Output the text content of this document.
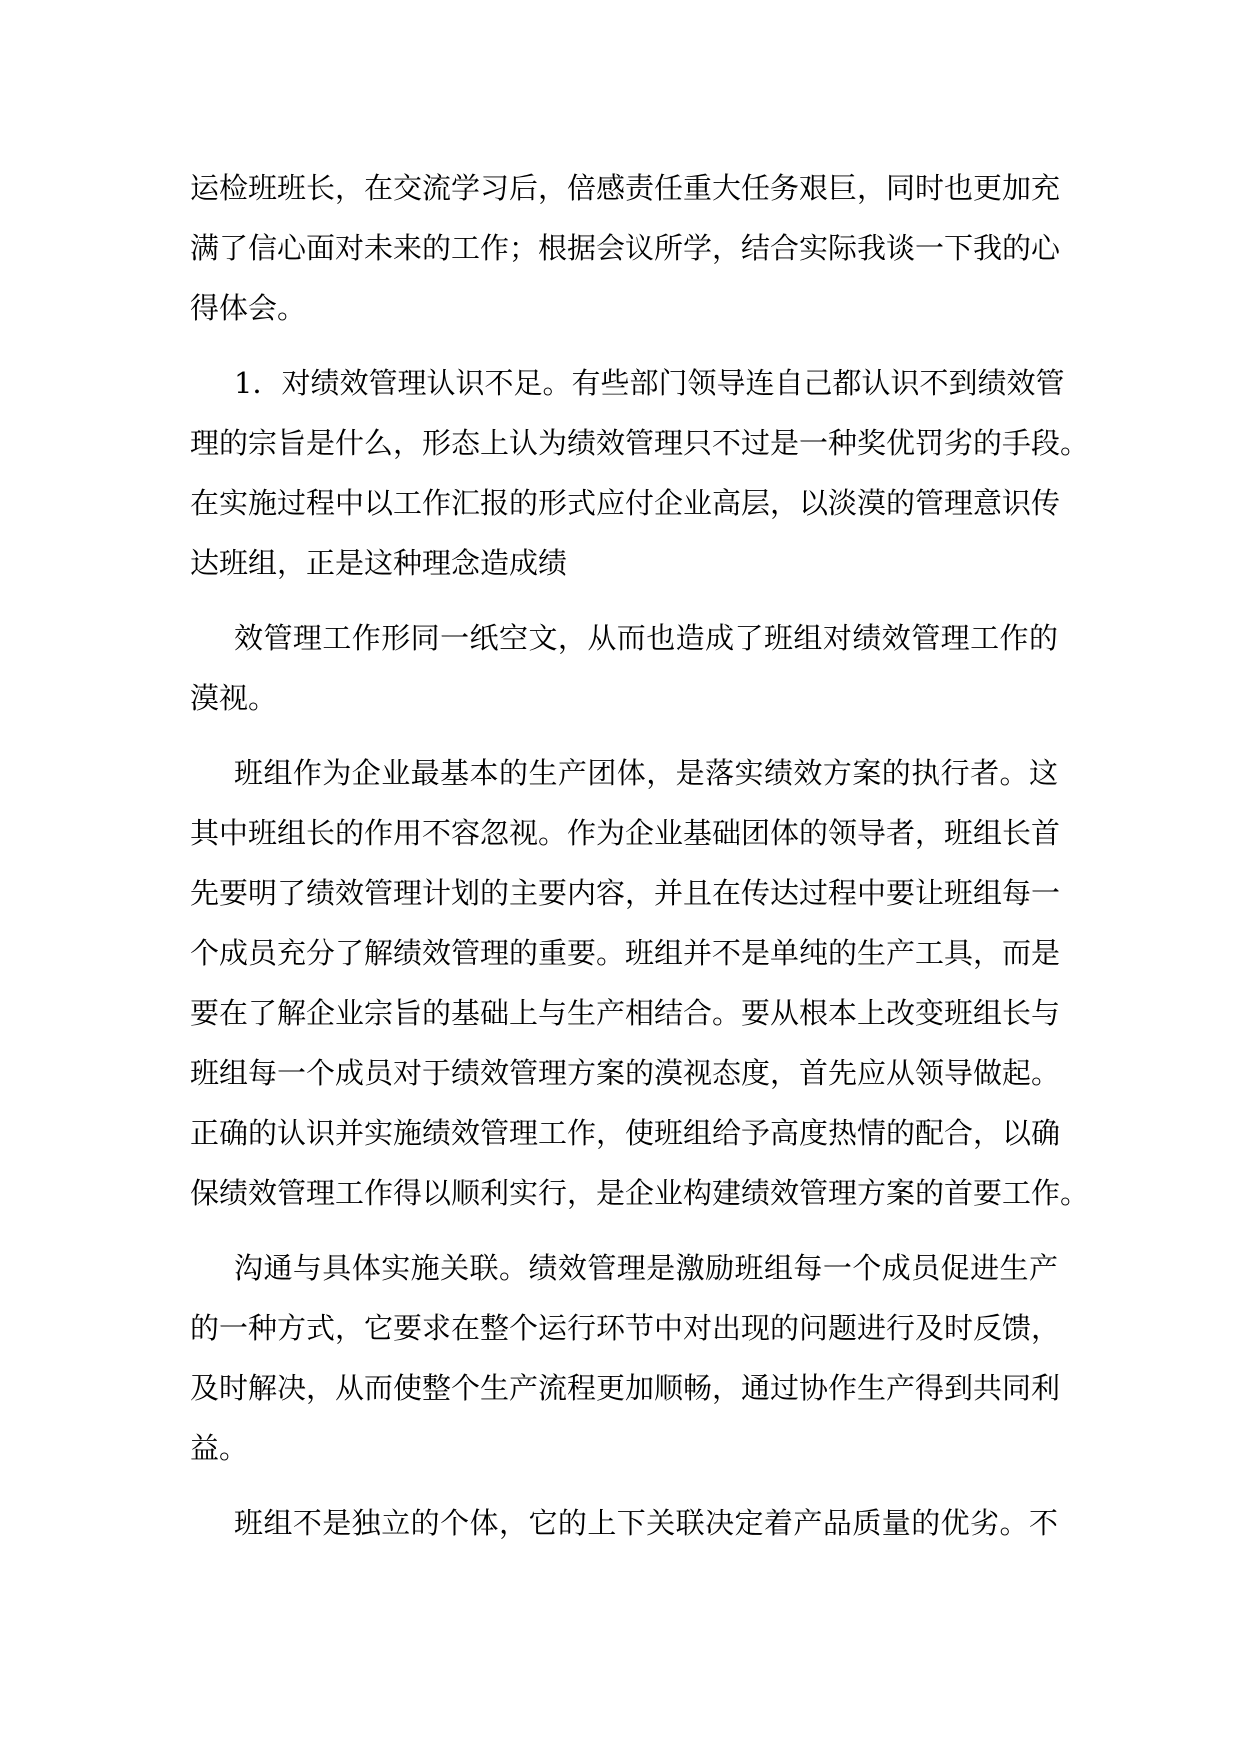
运检班班长，在交流学习后，倍感责任重大任务艰巨，同时也更加充
满了信心面对未来的工作；根据会议所学，结合实际我谈一下我的心
得体会。
1．对绩效管理认识不足。有些部门领导连自己都认识不到绩效管
理的宗旨是什么，形态上认为绩效管理只不过是一种奖优罚劣的手段。
在实施过程中以工作汇报的形式应付企业高层，以淡漠的管理意识传
达班组，正是这种理念造成绩
效管理工作形同一纸空文，从而也造成了班组对绩效管理工作的
漠视。
班组作为企业最基本的生产团体，是落实绩效方案的执行者。这
其中班组长的作用不容忽视。作为企业基础团体的领导者，班组长首
先要明了绩效管理计划的主要内容，并且在传达过程中要让班组每一
个成员充分了解绩效管理的重要。班组并不是单纯的生产工具，而是
要在了解企业宗旨的基础上与生产相结合。要从根本上改变班组长与
班组每一个成员对于绩效管理方案的漠视态度，首先应从领导做起。
正确的认识并实施绩效管理工作，使班组给予高度热情的配合，以确
保绩效管理工作得以顺利实行，是企业构建绩效管理方案的首要工作。
沟通与具体实施关联。绩效管理是激励班组每一个成员促进生产
的一种方式，它要求在整个运行环节中对出现的问题进行及时反馈，
及时解决，从而使整个生产流程更加顺畅，通过协作生产得到共同利
益。
班组不是独立的个体，它的上下关联决定着产品质量的优劣。不
